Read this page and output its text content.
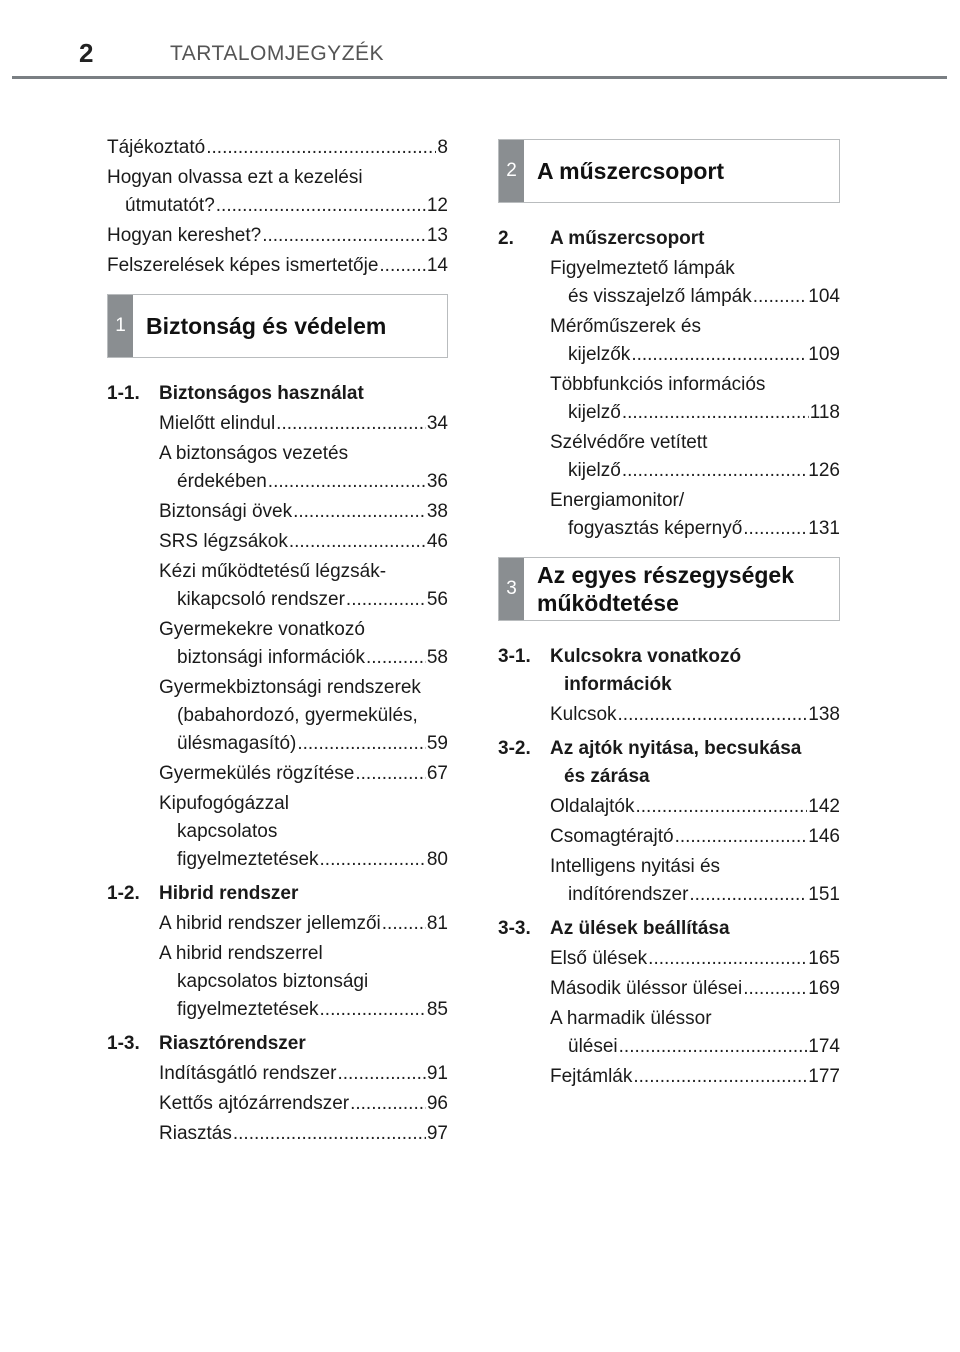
2	TARTALOMJEGYZÉK
Tájékoztató .....	8
Hogyan olvassa ezt a kezelési
útmutatót? .....	12
Hogyan kereshet? .....	13
Felszerelések képes ismertetője .....	14
1 Biztonság és védelem
1-1.	Biztonságos használat
Mielőtt elindul .....	34
A biztonságos vezetés
érdekében .....	36
Biztonsági övek .....	38
SRS légzsákok .....	46
Kézi működtetésű légzsák-
kikapcsoló rendszer .....	56
Gyermekekre vonatkozó
biztonsági információk .....	58
Gyermekbiztonsági rendszerek
(babahordozó, gyermekülés,
ülésmagasító) .....	59
Gyermekülés rögzítése .....	67
Kipufogógázzal
kapcsolatos
figyelmeztetések .....	80
1-2.	Hibrid rendszer
A hibrid rendszer jellemzői ..... 81
A hibrid rendszerrel
kapcsolatos biztonsági
figyelmeztetések .....	85
1-3.	Riasztórendszer
Indításgátló rendszer .....	91
Kettős ajtózárrendszer .....	96
Riasztás .....	97
2 A műszercsoport
2.	A műszercsoport
Figyelmeztető lámpák
és visszajelző lámpák .....	104
Mérőműszerek és
kijelzők .....	109
Többfunkciós információs
kijelző .....	118
Szélvédőre vetített
kijelző .....	126
Energiamonitor/
fogyasztás képernyő .....	131
3
Az egyes részegységek
működtetése
3-1.	Kulcsokra vonatkozó
információk
Kulcsok .....	138
3-2.	Az ajtók nyitása, becsukása
és zárása
Oldalajtók .....	142
Csomagtérajtó .....	146
Intelligens nyitási és
indítórendszer .....	151
3-3.	Az ülések beállítása
Első ülések .....	165
Második üléssor ülései .....	169
A harmadik üléssor
ülései .....	174
Fejtámlák .....	177
